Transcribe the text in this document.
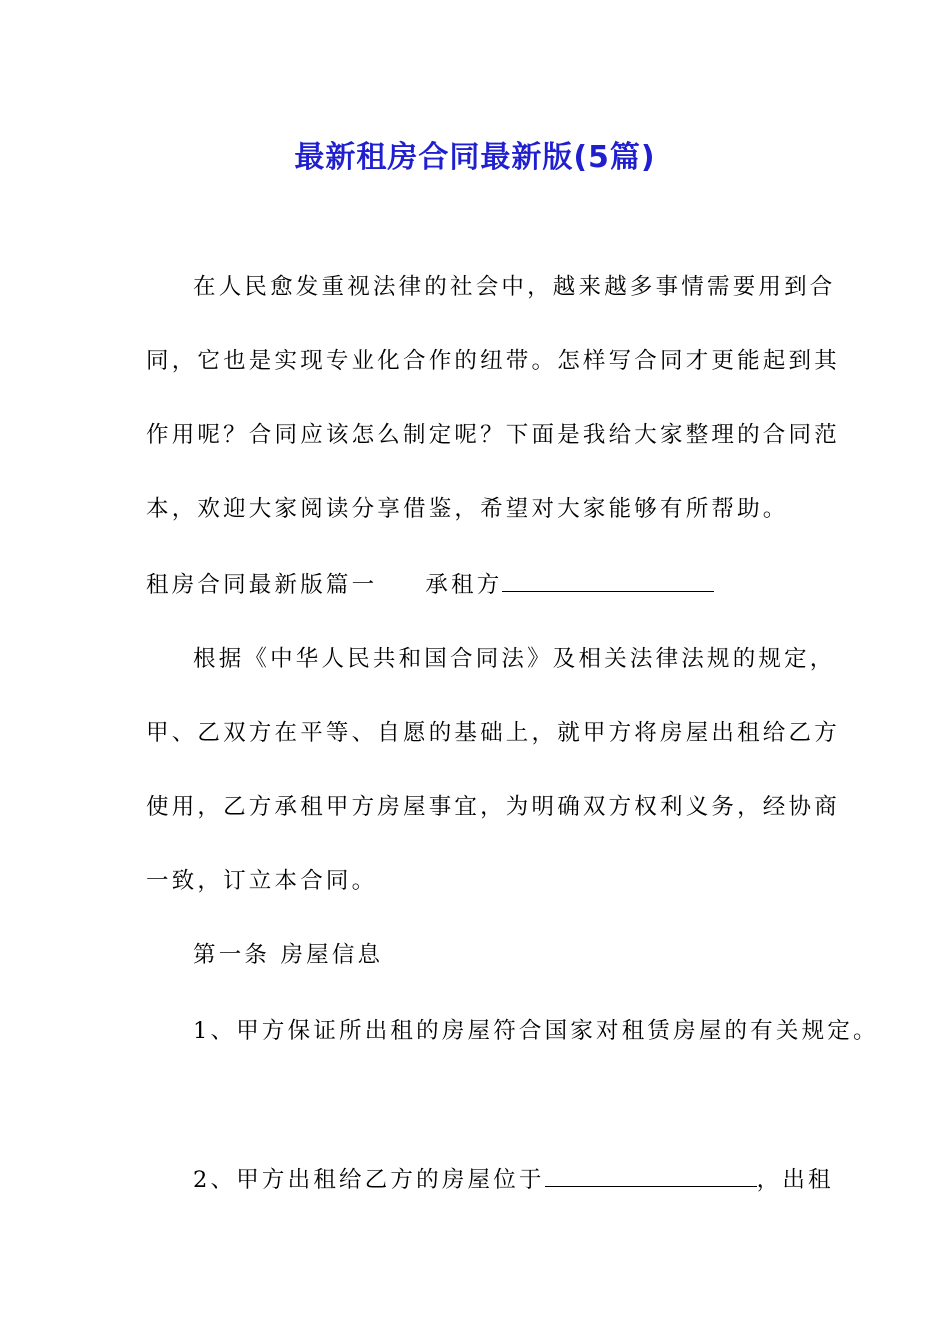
最新租房合同最新版(5篇)
在人民愈发重视法律的社会中，越来越多事情需要用到合
同，它也是实现专业化合作的纽带。怎样写合同才更能起到其
作用呢？合同应该怎么制定呢？下面是我给大家整理的合同范
本，欢迎大家阅读分享借鉴，希望对大家能够有所帮助。
租房合同最新版篇一 承租方
根据《中华人民共和国合同法》及相关法律法规的规定，
甲、乙双方在平等、自愿的基础上，就甲方将房屋出租给乙方
使用，乙方承租甲方房屋事宜，为明确双方权利义务，经协商
一致，订立本合同。
第一条 房屋信息
1、甲方保证所出租的房屋符合国家对租赁房屋的有关规定。
2、甲方出租给乙方的房屋位于	，出租
